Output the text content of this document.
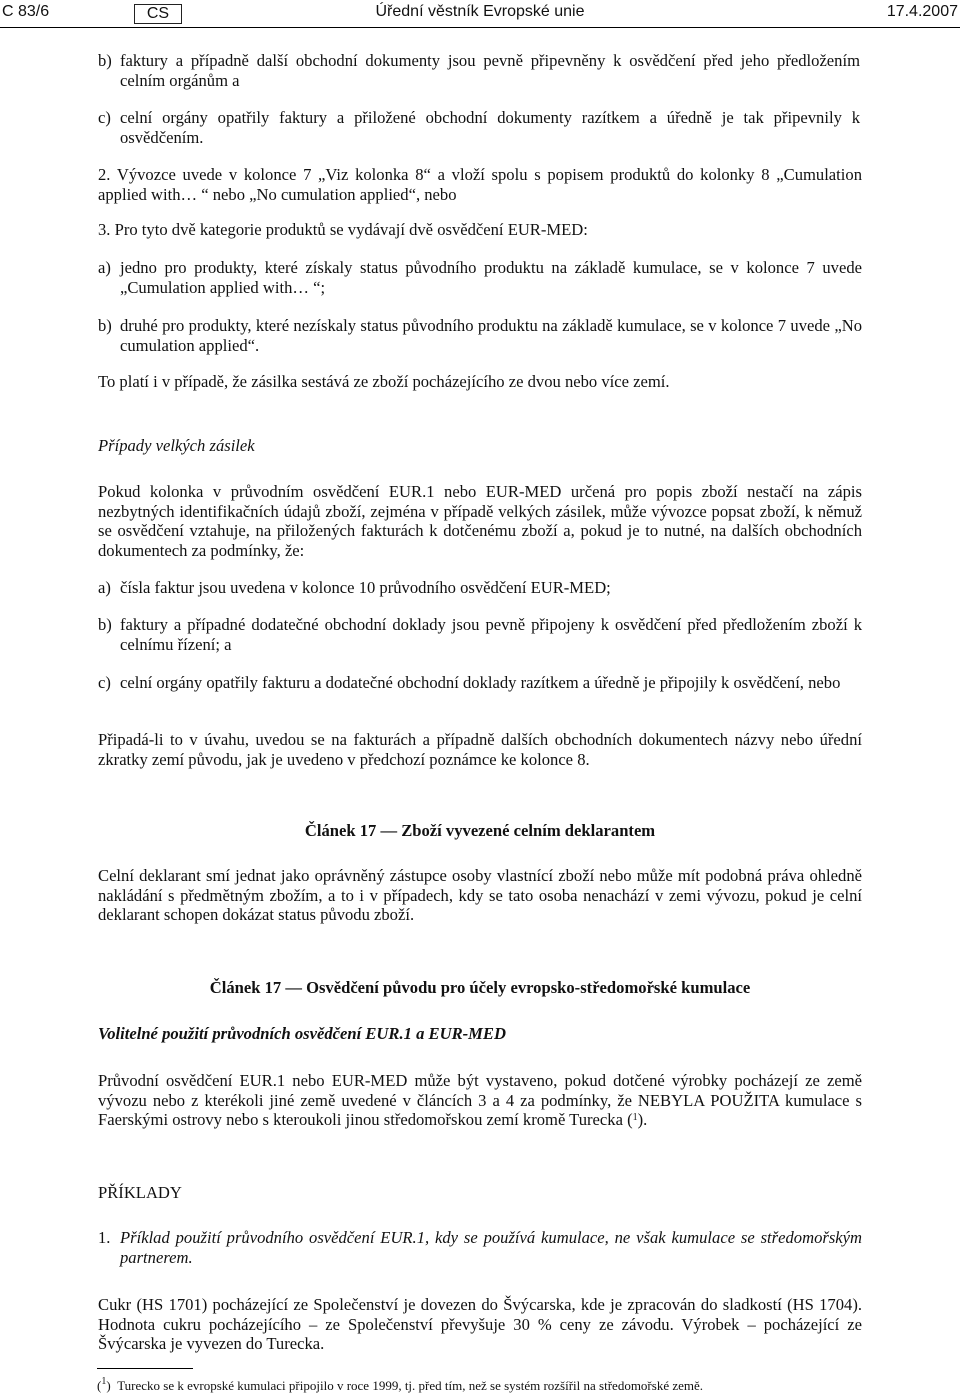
C 83/6	CS	Úřední věstník Evropské unie	17.4.2007
b) faktury a případně další obchodní dokumenty jsou pevně připevněny k osvědčení před jeho předložením celním orgánům a
c) celní orgány opatřily faktury a přiložené obchodní dokumenty razítkem a úředně je tak připevnily k osvědčením.
2. Vývozce uvede v kolonce 7 „Viz kolonka 8“ a vloží spolu s popisem produktů do kolonky 8 „Cumulation applied with… “ nebo „No cumulation applied“, nebo
3. Pro tyto dvě kategorie produktů se vydávají dvě osvědčení EUR-MED:
a) jedno pro produkty, které získaly status původního produktu na základě kumulace, se v kolonce 7 uvede „Cumulation applied with… “;
b) druhé pro produkty, které nezískaly status původního produktu na základě kumulace, se v kolonce 7 uvede „No cumulation applied“.
To platí i v případě, že zásilka sestává ze zboží pocházejícího ze dvou nebo více zemí.
Případy velkých zásilek
Pokud kolonka v průvodním osvědčení EUR.1 nebo EUR-MED určená pro popis zboží nestačí na zápis nezbytných identifikačních údajů zboží, zejména v případě velkých zásilek, může vývozce popsat zboží, k němuž se osvědčení vztahuje, na přiložených fakturách k dotčenému zboží a, pokud je to nutné, na dalších obchodních dokumentech za podmínky, že:
a) čísla faktur jsou uvedena v kolonce 10 průvodního osvědčení EUR-MED;
b) faktury a případné dodatečné obchodní doklady jsou pevně připojeny k osvědčení před předložením zboží k celnímu řízení; a
c) celní orgány opatřily fakturu a dodatečné obchodní doklady razítkem a úředně je připojily k osvědčení, nebo
Připadá-li to v úvahu, uvedou se na fakturách a případně dalších obchodních dokumentech názvy nebo úřední zkratky zemí původu, jak je uvedeno v předchozí poznámce ke kolonce 8.
Článek 17 — Zboží vyvezené celním deklarantem
Celní deklarant smí jednat jako oprávněný zástupce osoby vlastnící zboží nebo může mít podobná práva ohledně nakládání s předmětným zbožím, a to i v případech, kdy se tato osoba nenachází v zemi vývozu, pokud je celní deklarant schopen dokázat status původu zboží.
Článek 17 — Osvědčení původu pro účely evropsko-středomořské kumulace
Volitelné použití průvodních osvědčení EUR.1 a EUR-MED
Průvodní osvědčení EUR.1 nebo EUR-MED může být vystaveno, pokud dotčené výrobky pocházejí ze země vývozu nebo z kterékoli jiné země uvedené v článcích 3 a 4 za podmínky, že NEBYLA POUŽITA kumulace s Faerskými ostrovy nebo s kteroukoli jinou středomořskou zemí kromě Turecka ($^1$).
PŘÍKLADY
1. Příklad použití průvodního osvědčení EUR.1, kdy se používá kumulace, ne však kumulace se středomořským partnerem.
Cukr (HS 1701) pocházející ze Společenství je dovezen do Švýcarska, kde je zpracován do sladkostí (HS 1704). Hodnota cukru pocházejícího – ze Společenství převyšuje 30 % ceny ze závodu. Výrobek – pocházející ze Švýcarska je vyvezen do Turecka.
($^1$)  Turecko se k evropské kumulaci připojilo v roce 1999, tj. před tím, než se systém rozšířil na středomořské země.
